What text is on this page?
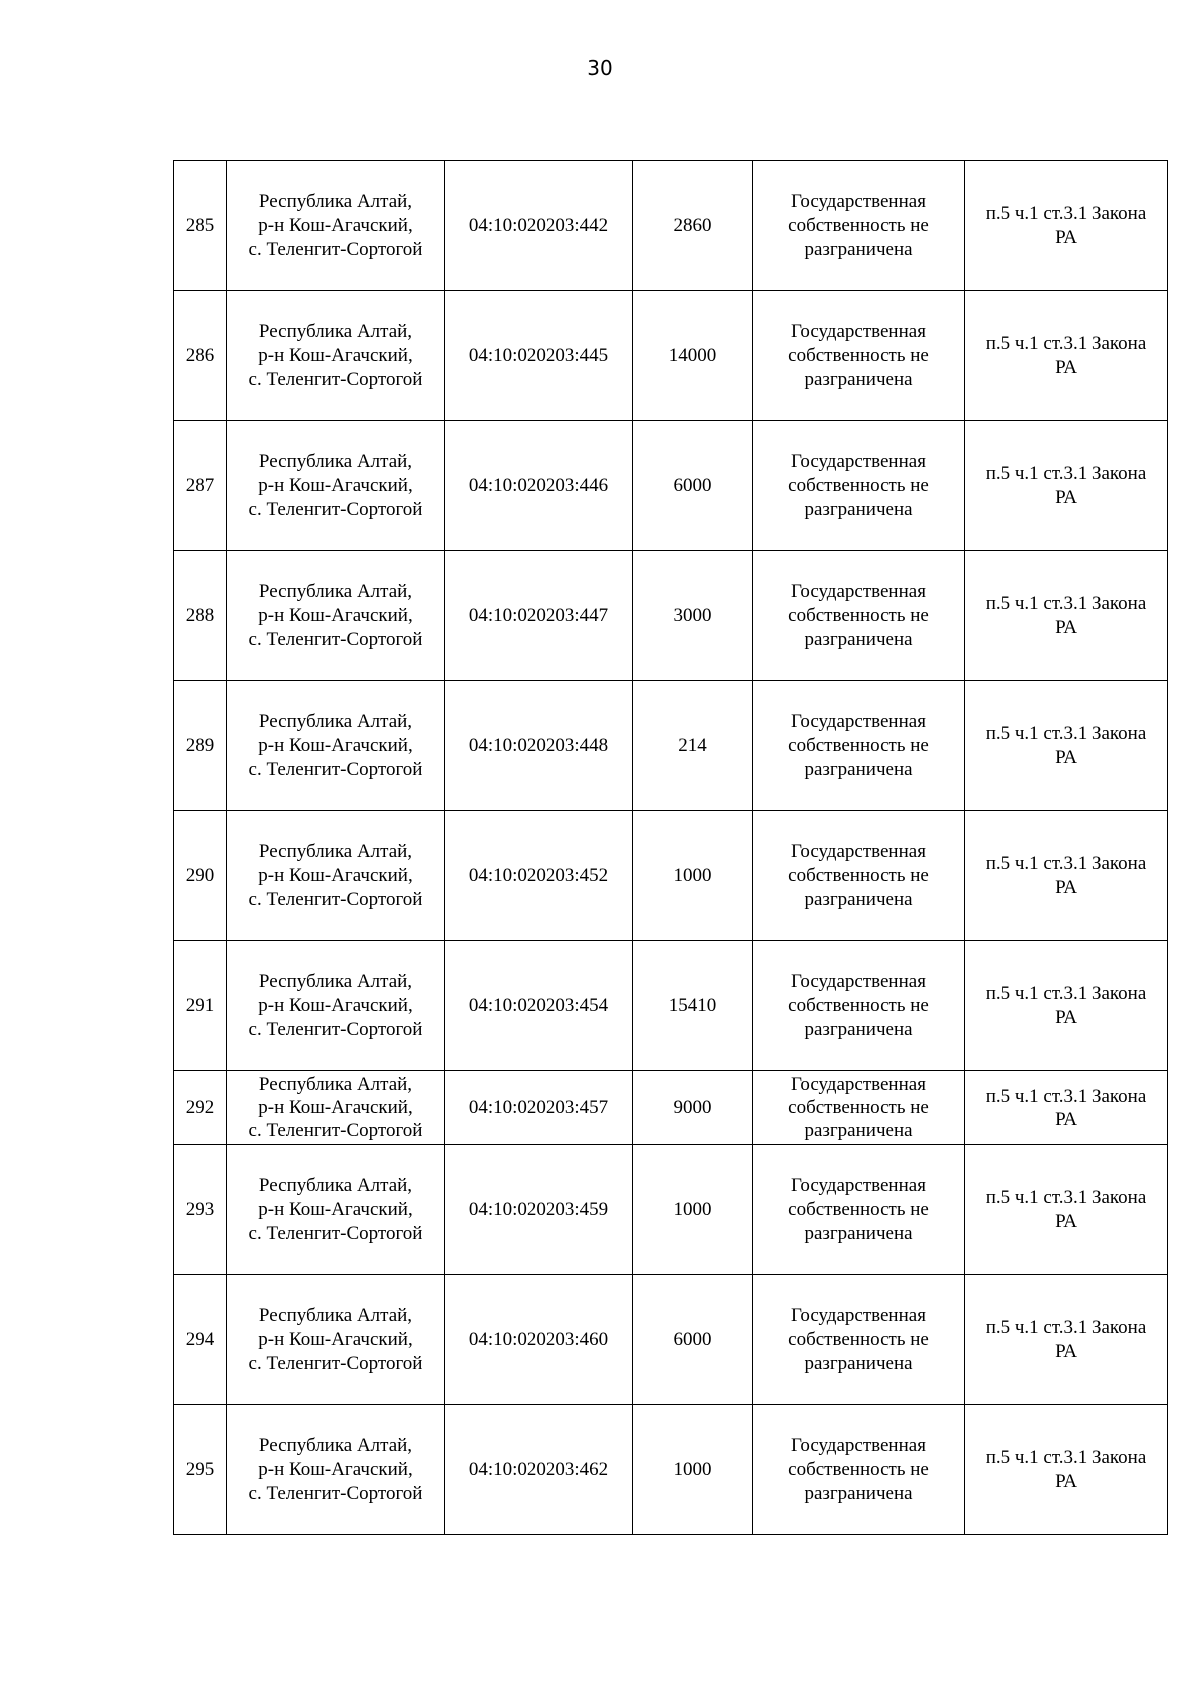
30
285	Республика Алтай,
р-н Кош-Агачский,
с. Теленгит-Сортогой	04:10:020203:442	2860	Государственная
собственность не
разграничена	п.5 ч.1 ст.3.1 Закона
РА

286	Республика Алтай,
р-н Кош-Агачский,
с. Теленгит-Сортогой	04:10:020203:445	14000	Государственная
собственность не
разграничена	п.5 ч.1 ст.3.1 Закона
РА

287	Республика Алтай,
р-н Кош-Агачский,
с. Теленгит-Сортогой	04:10:020203:446	6000	Государственная
собственность не
разграничена	п.5 ч.1 ст.3.1 Закона
РА

288	Республика Алтай,
р-н Кош-Агачский,
с. Теленгит-Сортогой	04:10:020203:447	3000	Государственная
собственность не
разграничена	п.5 ч.1 ст.3.1 Закона
РА

289	Республика Алтай,
р-н Кош-Агачский,
с. Теленгит-Сортогой	04:10:020203:448	214	Государственная
собственность не
разграничена	п.5 ч.1 ст.3.1 Закона
РА

290	Республика Алтай,
р-н Кош-Агачский,
с. Теленгит-Сортогой	04:10:020203:452	1000	Государственная
собственность не
разграничена	п.5 ч.1 ст.3.1 Закона
РА

291	Республика Алтай,
р-н Кош-Агачский,
с. Теленгит-Сортогой	04:10:020203:454	15410	Государственная
собственность не
разграничена	п.5 ч.1 ст.3.1 Закона
РА

292	Республика Алтай,
р-н Кош-Агачский,
с. Теленгит-Сортогой	04:10:020203:457	9000	Государственная
собственность не
разграничена	п.5 ч.1 ст.3.1 Закона
РА

293	Республика Алтай,
р-н Кош-Агачский,
с. Теленгит-Сортогой	04:10:020203:459	1000	Государственная
собственность не
разграничена	п.5 ч.1 ст.3.1 Закона
РА

294	Республика Алтай,
р-н Кош-Агачский,
с. Теленгит-Сортогой	04:10:020203:460	6000	Государственная
собственность не
разграничена	п.5 ч.1 ст.3.1 Закона
РА

295	Республика Алтай,
р-н Кош-Агачский,
с. Теленгит-Сортогой	04:10:020203:462	1000	Государственная
собственность не
разграничена	п.5 ч.1 ст.3.1 Закона
РА
